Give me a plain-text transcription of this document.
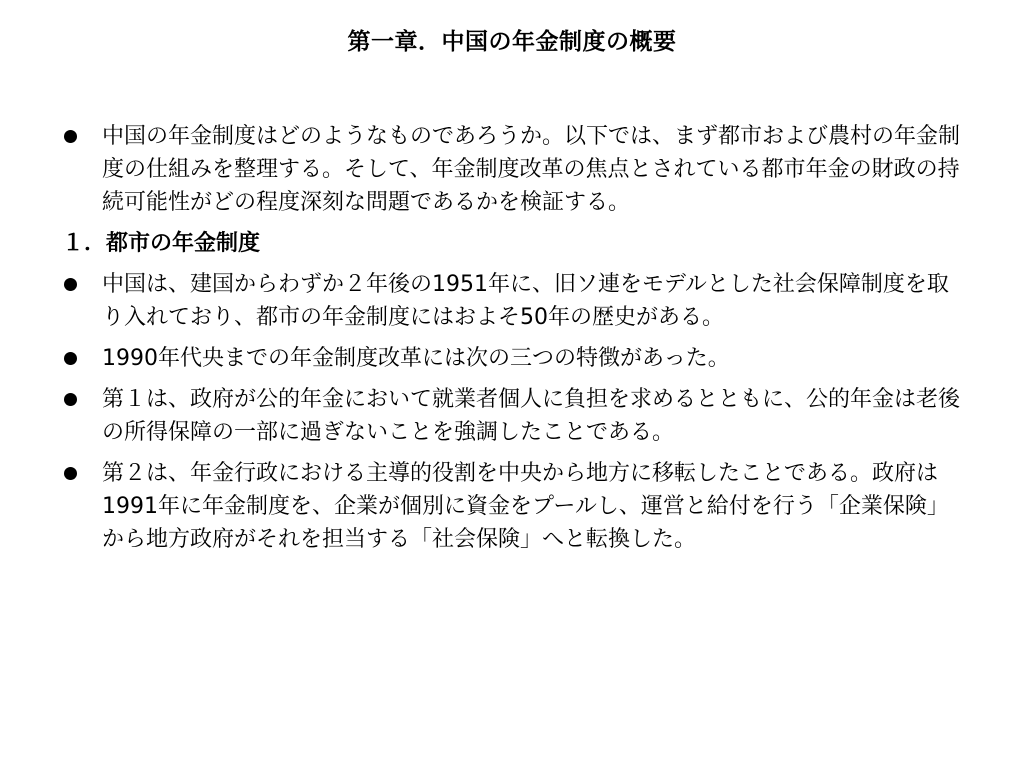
第一章．中国の年金制度の概要
中国の年金制度はどのようなものであろうか。以下では、まず都市および農村の年金制度の仕組みを整理する。そして、年金制度改革の焦点とされている都市年金の財政の持続可能性がどの程度深刻な問題であるかを検証する。
１．都市の年金制度
中国は、建国からわずか２年後の1951年に、旧ソ連をモデルとした社会保障制度を取り入れており、都市の年金制度にはおよそ50年の歴史がある。
1990年代央までの年金制度改革には次の三つの特徴があった。
第１は、政府が公的年金において就業者個人に負担を求めるとともに、公的年金は老後の所得保障の一部に過ぎないことを強調したことである。
第２は、年金行政における主導的役割を中央から地方に移転したことである。政府は1991年に年金制度を、企業が個別に資金をプールし、運営と給付を行う「企業保険」から地方政府がそれを担当する「社会保険」へと転換した。
